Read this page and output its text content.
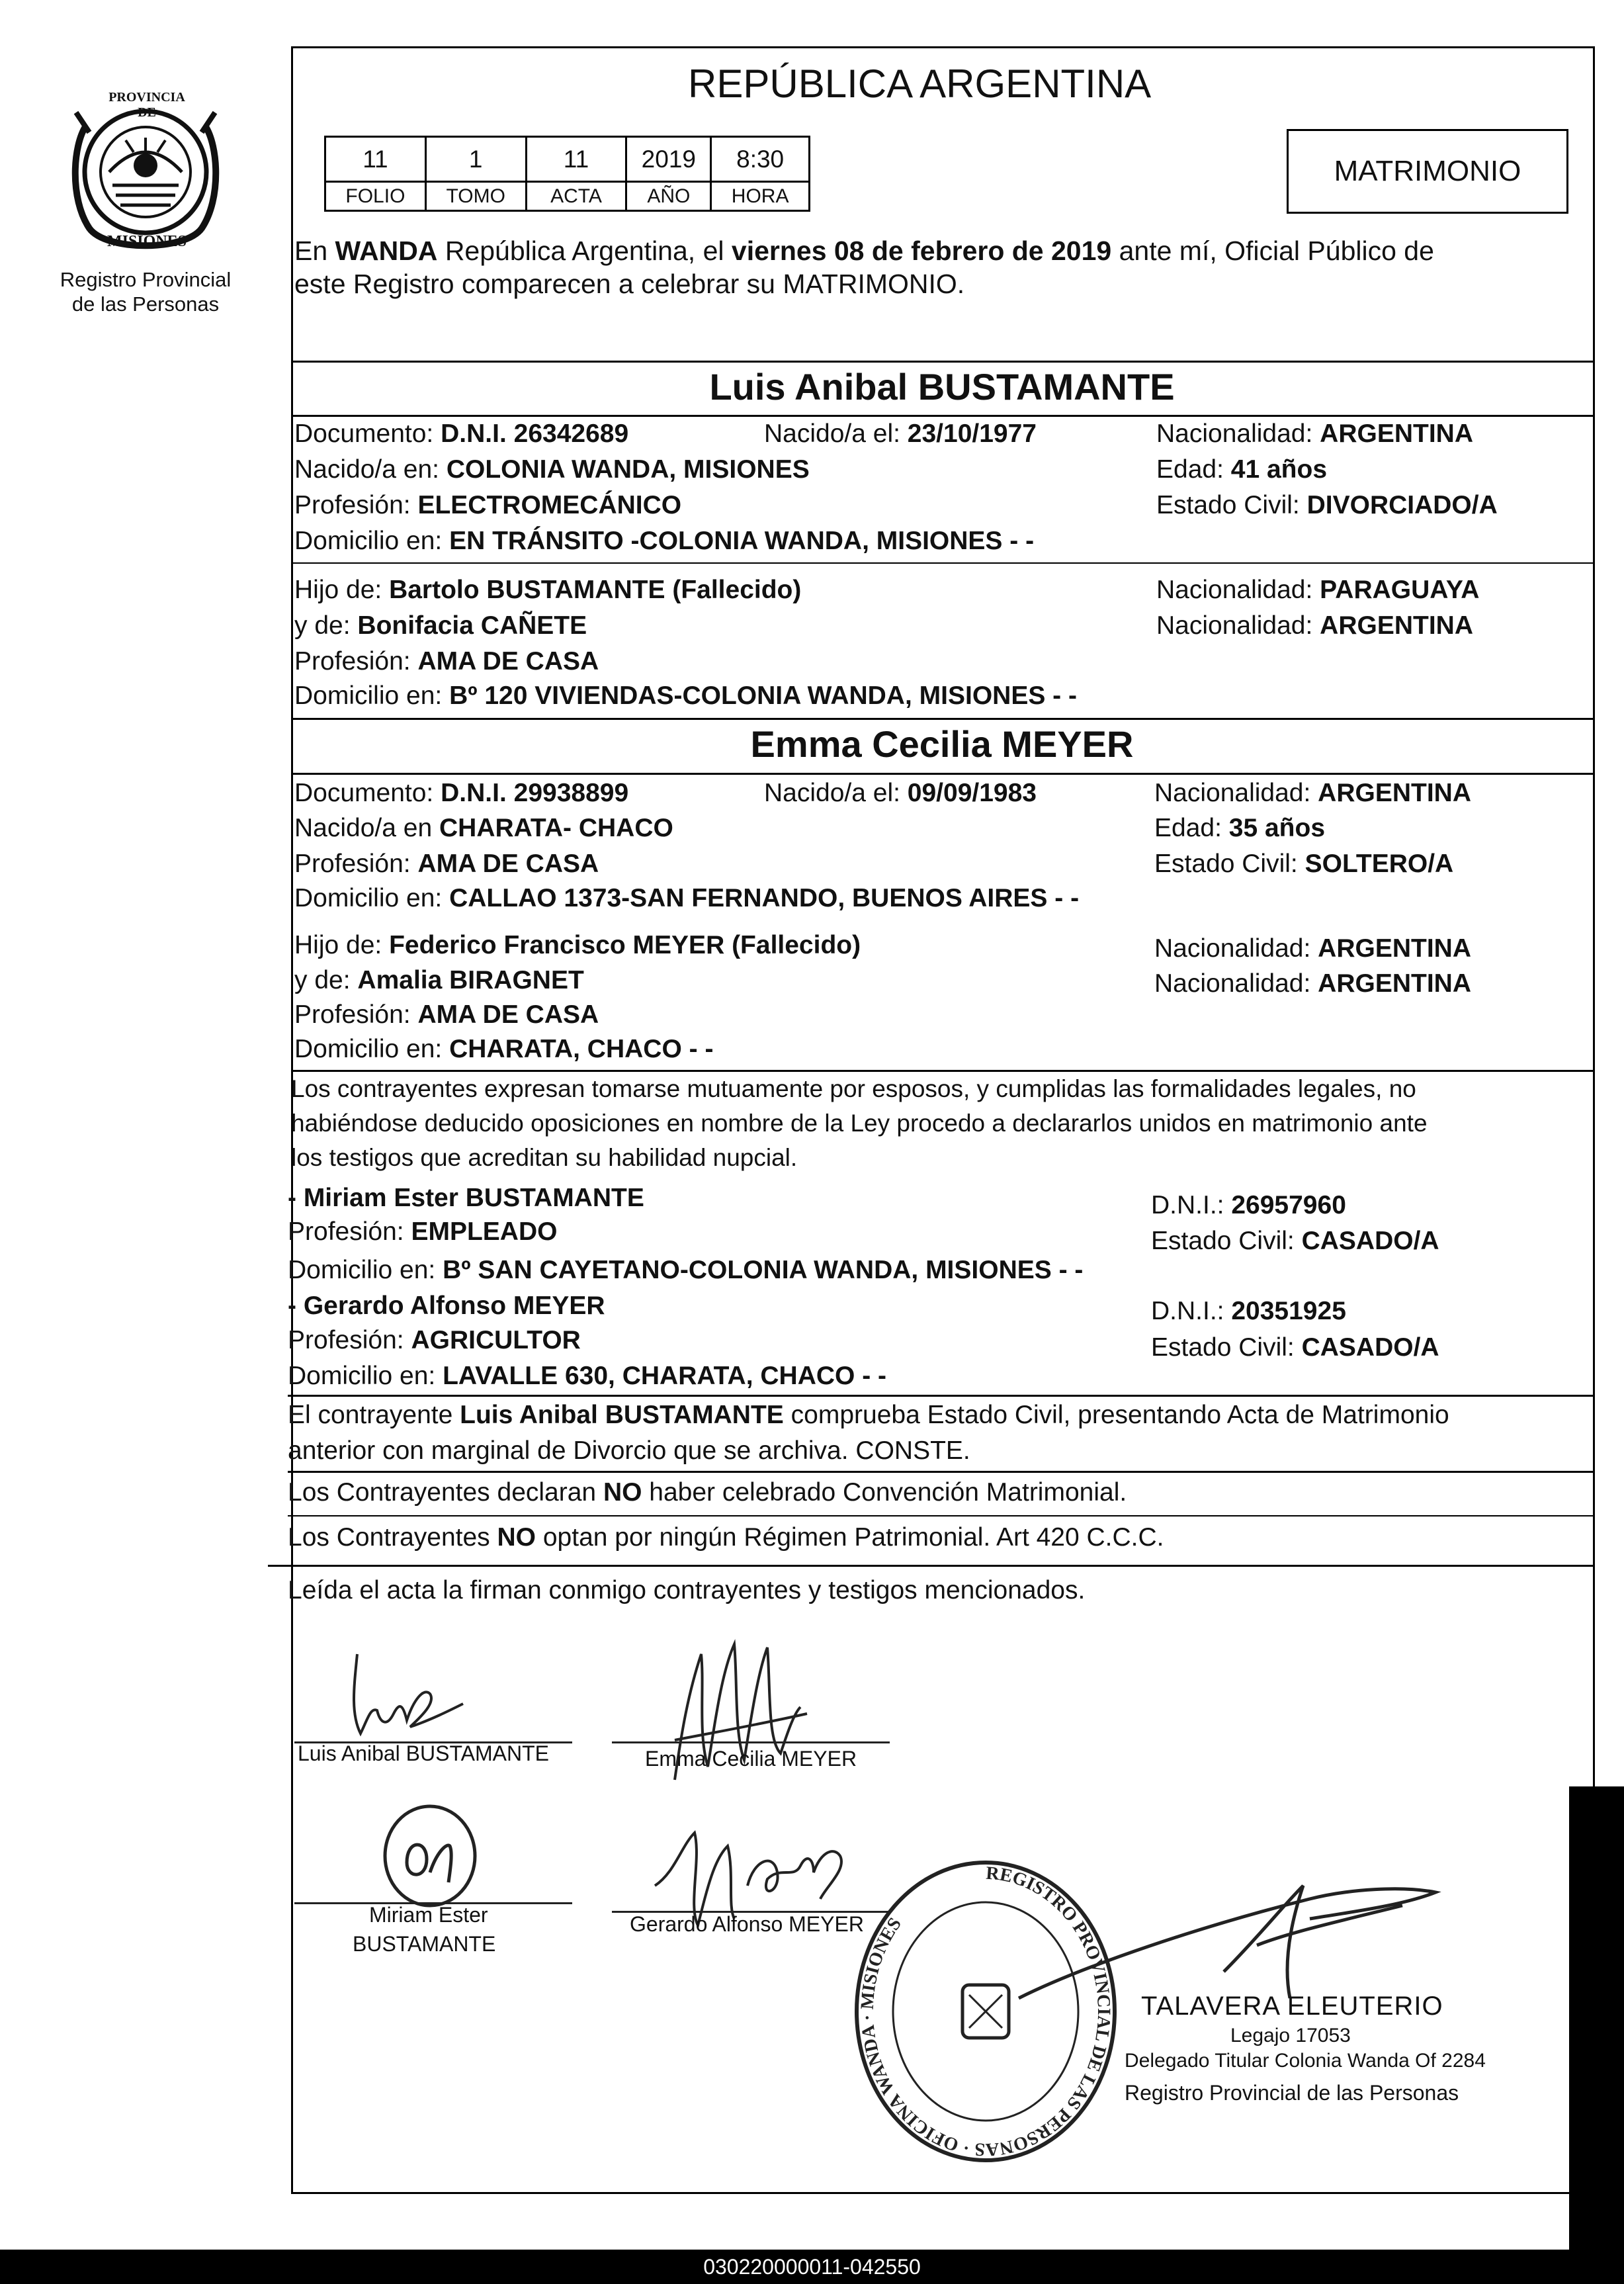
PROVINCIA DE
MISIONES
Registro Provincial
de las Personas
REPÚBLICA ARGENTINA
11	1	11	2019	8:30
FOLIO	TOMO	ACTA	AÑO	HORA
MATRIMONIO
En WANDA República Argentina, el viernes 08 de febrero de 2019 ante mí, Oficial Público de
este Registro comparecen a celebrar su MATRIMONIO.
Luis Anibal BUSTAMANTE
Documento: D.N.I. 26342689	Nacido/a el: 23/10/1977	Nacionalidad: ARGENTINA
Nacido/a en: COLONIA WANDA, MISIONES	Edad: 41 años
Profesión: ELECTROMECÁNICO	Estado Civil: DIVORCIADO/A
Domicilio en: EN TRÁNSITO -COLONIA WANDA, MISIONES - -
Hijo de: Bartolo BUSTAMANTE (Fallecido)	Nacionalidad: PARAGUAYA
y de: Bonifacia CAÑETE	Nacionalidad: ARGENTINA
Profesión: AMA DE CASA
Domicilio en: Bº 120 VIVIENDAS-COLONIA WANDA, MISIONES - -
Emma Cecilia MEYER
Documento: D.N.I. 29938899	Nacido/a el: 09/09/1983	Nacionalidad: ARGENTINA
Nacido/a en CHARATA- CHACO	Edad: 35 años
Profesión: AMA DE CASA	Estado Civil: SOLTERO/A
Domicilio en: CALLAO 1373-SAN FERNANDO, BUENOS AIRES - -
Hijo de: Federico Francisco MEYER (Fallecido)	Nacionalidad: ARGENTINA
y de: Amalia BIRAGNET	Nacionalidad: ARGENTINA
Profesión: AMA DE CASA
Domicilio en: CHARATA, CHACO - -
Los contrayentes expresan tomarse mutuamente por esposos, y cumplidas las formalidades legales, no
habiéndose deducido oposiciones en nombre de la Ley procedo a declararlos unidos en matrimonio ante
los testigos que acreditan su habilidad nupcial.
- Miriam Ester BUSTAMANTE	D.N.I.: 26957960
Profesión: EMPLEADO	Estado Civil: CASADO/A
Domicilio en: Bº SAN CAYETANO-COLONIA WANDA, MISIONES - -
- Gerardo Alfonso MEYER	D.N.I.: 20351925
Profesión: AGRICULTOR	Estado Civil: CASADO/A
Domicilio en: LAVALLE 630, CHARATA, CHACO - -
El contrayente Luis Anibal BUSTAMANTE comprueba Estado Civil, presentando Acta de Matrimonio
anterior con marginal de Divorcio que se archiva. CONSTE.
Los Contrayentes declaran NO haber celebrado Convención Matrimonial.
Los Contrayentes NO optan por ningún Régimen Patrimonial. Art 420 C.C.C.
Leída el acta la firman conmigo contrayentes y testigos mencionados.
Luis Anibal BUSTAMANTE	Emma Cecilia MEYER
Miriam Ester
BUSTAMANTE
Gerardo Alfonso MEYER
REGISTRO PROVINCIAL DE LAS PERSONAS · OFICINA WANDA · MISIONES
TALAVERA ELEUTERIO
Legajo 17053
Delegado Titular Colonia Wanda Of 2284
Registro Provincial de las Personas
030220000011-042550
